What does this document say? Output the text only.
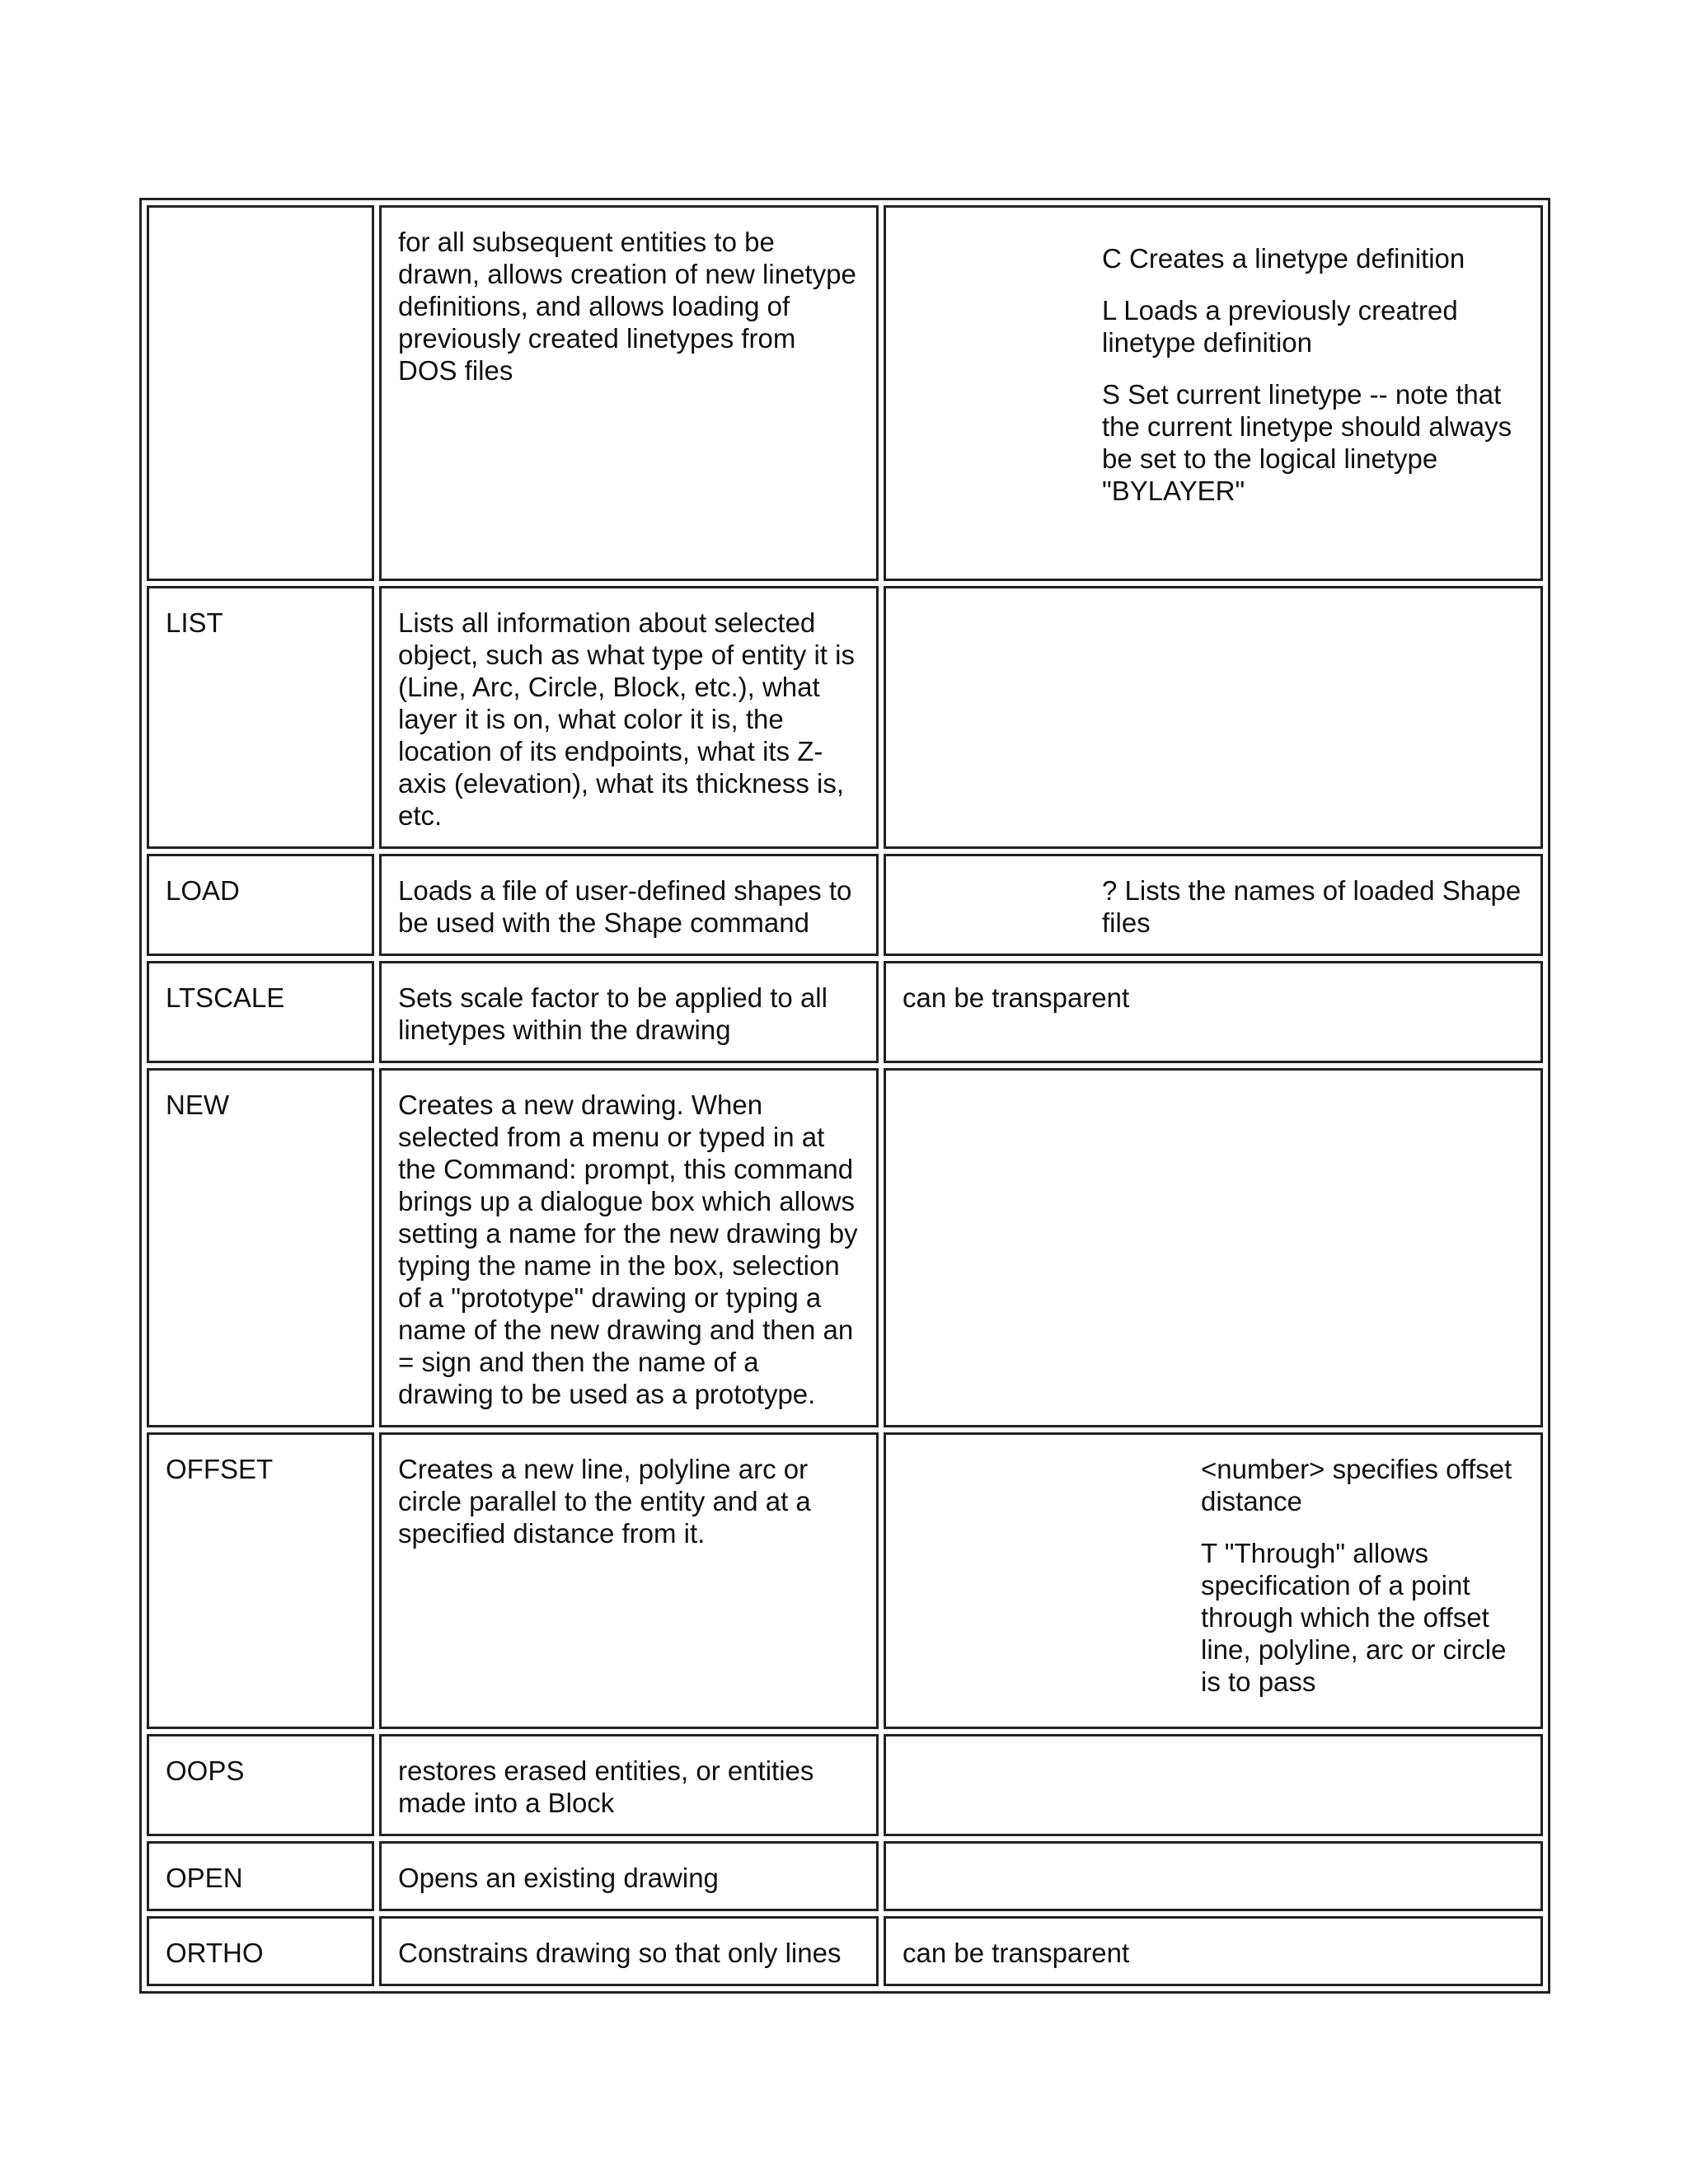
	for all subsequent entities to be drawn, allows creation of new linetype definitions, and allows loading of previously created linetypes from DOS files	C Creates a linetype definition
L Loads a previously creatred linetype definition
S Set current linetype -- note that the current linetype should always be set to the logical linetype "BYLAYER"

LIST	Lists all information about selected object, such as what type of entity it is (Line, Arc, Circle, Block, etc.), what layer it is on, what color it is, the location of its endpoints, what its Z-axis (elevation), what its thickness is, etc.	
LOAD	Loads a file of user-defined shapes to be used with the Shape command	? Lists the names of loaded Shape files

LTSCALE	Sets scale factor to be applied to all linetypes within the drawing	can be transparent
NEW	Creates a new drawing. When selected from a menu or typed in at the Command: prompt, this command brings up a dialogue box which allows setting a name for the new drawing by typing the name in the box, selection of a "prototype" drawing or typing a name of the new drawing and then an = sign and then the name of a drawing to be used as a prototype.	
OFFSET	Creates a new line, polyline arc or circle parallel to the entity and at a specified distance from it.	<number> specifies offset distance
T "Through" allows specification of a point through which the offset line, polyline, arc or circle is to pass

OOPS	restores erased entities, or entities made into a Block	
OPEN	Opens an existing drawing	
ORTHO	Constrains drawing so that only lines	can be transparent
